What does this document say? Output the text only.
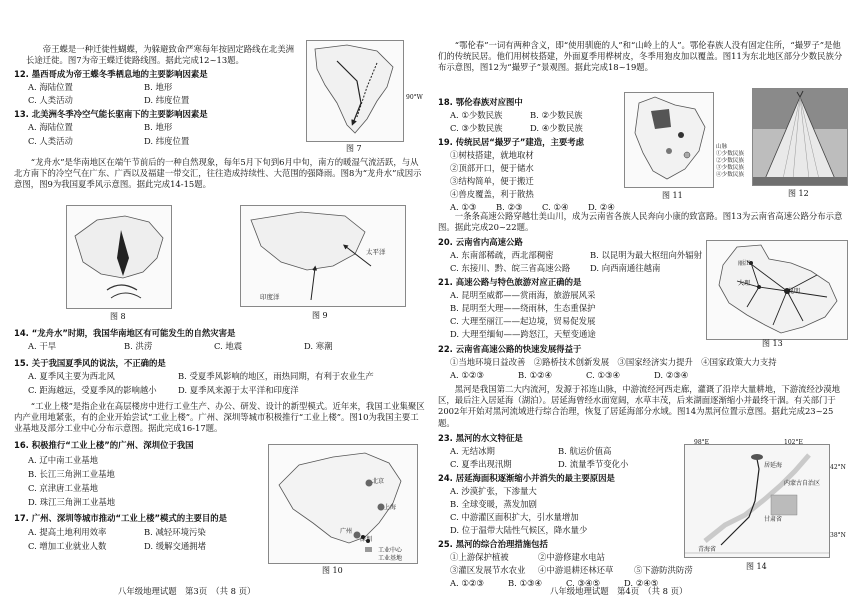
帝王蝶是一种迁徙性蝴蝶，为躲避致命严寒每年按固定路线在北美洲长途迁徙。图7为帝王蝶迁徙路线图。据此完成12~13题。
12. 墨西哥成为帝王蝶冬季栖息地的主要影响因素是
A. 海陆位置	B. 地形
C. 人类活动	D. 纬度位置
13. 北美洲冬季冷空气能长驱南下的主要影响因素是
A. 海陆位置	B. 地形
C. 人类活动	D. 纬度位置
90°W
图 7
“龙舟水”是华南地区在端午节前后的一种自然现象，每年5月下旬到6月中旬，南方的暖湿气流活跃，与从北方南下的冷空气在广东、广西以及福建一带交汇，往往造成持续性、大范围的强降雨。图8为“龙舟水”成因示意图，图9为我国夏季风示意图。据此完成14-15题。
图 8
太平洋
印度洋
图 9
14. “龙舟水”时期，我国华南地区有可能发生的自然灾害是
A. 干旱	B. 洪涝	C. 地震	D. 寒潮
15. 关于我国夏季风的说法，不正确的是
A. 夏季风主要为西北风	B. 受夏季风影响的地区，雨热同期，有利于农业生产
C. 距海越远，受夏季风的影响越小	D. 夏季风来源于太平洋和印度洋
“工业上楼”是指企业在高层楼房中进行工业生产、办公、研发、设计的新型模式。近年来，我国工业集聚区内产业用地紧张，有的企业开始尝试“工业上楼”。广州、深圳等城市积极推行“工业上楼”。图10为我国主要工业基地及部分工业中心分布示意图。据此完成16-17题。
16. 积极推行“工业上楼”的广州、深圳位于我国
A. 辽中南工业基地
B. 长江三角洲工业基地
C. 京津唐工业基地
D. 珠江三角洲工业基地
17. 广州、深圳等城市推动“工业上楼”模式的主要目的是
A. 提高土地利用效率	B. 减轻环境污染
C. 增加工业就业人数	D. 缓解交通拥堵
北京
上海
广州
深圳
工业中心
工业基地
图 10
八年级地理试题　第3页　（共 8 页）
“鄂伦春”一词有两种含义，即“使用驯鹿的人”和“山岭上的人”。鄂伦春族人没有固定住所，“撮罗子”是他们的传统民居。他们用树枝搭建，外面夏季用桦树皮，冬季用狍皮加以覆盖。图11为东北地区部分少数民族分布示意图，图12为“撮罗子”景观图。据此完成18~19题。
18. 鄂伦春族对应图中
A. ①少数民族	B. ②少数民族
C. ③少数民族	D. ④少数民族
19. 传统民居“撮罗子”建造，主要考虑
①树枝搭建，就地取材
②顶部开口，便于储水
③结构简单，便于搬迁
④兽皮覆盖，利于散热
A. ①③ B. ②③ C. ①④ D. ②④
山脉
①少数民族
②少数民族
③少数民族
④少数民族
图 11	图 12
一条条高速公路穿越壮美山川，成为云南省各族人民奔向小康的致富路。图13为云南省高速公路分布示意图。据此完成20~22题。
20. 云南省内高速公路
A. 东南部稀疏，西北部稠密	B. 以昆明为最大枢纽向外辐射
C. 东接川、黔、皖三省高速公路 D. 向西南通往越南
21. 高速公路与特色旅游对应正确的是
A. 昆明至威都——赏雨海，旅游展风采
B. 昆明至大理——绕雨林，生态重保护
C. 大理至丽江——起边境，贸易促发展
D. 大理至缅甸——跨怒江，天堑变通途
昆明
大理
丽江
图 13
22. 云南省高速公路的快速发展得益于
①当地环境日益改善　②路桥技术创新发展　③国家经济实力提升　④国家政策大力支持
A. ①②③	B. ①②④	C. ①③④	D. ②③④
黑河是我国第二大内流河，发源于祁连山脉，中游流经河西走廊，灌溉了沿岸大量耕地，下游流经沙漠地区，最后注入居延海（湖泊）。居延海曾经水面宽阔，水草丰茂，后来湖面逐渐缩小并最终干涸。有关部门于2002年开始对黑河流域进行综合治理，恢复了居延海部分水域。图14为黑河位置示意图。据此完成23~25题。
23. 黑河的水文特征是
A. 无结冰期	B. 航运价值高
C. 夏季出现汛期	D. 流量季节变化小
24. 居延海面积逐渐缩小并消失的最主要原因是
A. 沙漠扩张，下渗量大
B. 全球变暖，蒸发加剧
C. 中游灌区面积扩大，引水量增加
D. 位于温带大陆性气候区，降水量少
25. 黑河的综合治理措施包括
①上游保护植被	②中游修建水电站
③灌区发展节水农业 ④中游退耕还林还草 ⑤下游防洪防涝
A. ①②③	B. ①③④	C. ③④⑤	D. ②④⑤
98°E	102°E
42°N
38°N
居延海
内蒙古自治区
甘肃省
青海省
图 14
八年级地理试题　第4页　（共 8 页）
